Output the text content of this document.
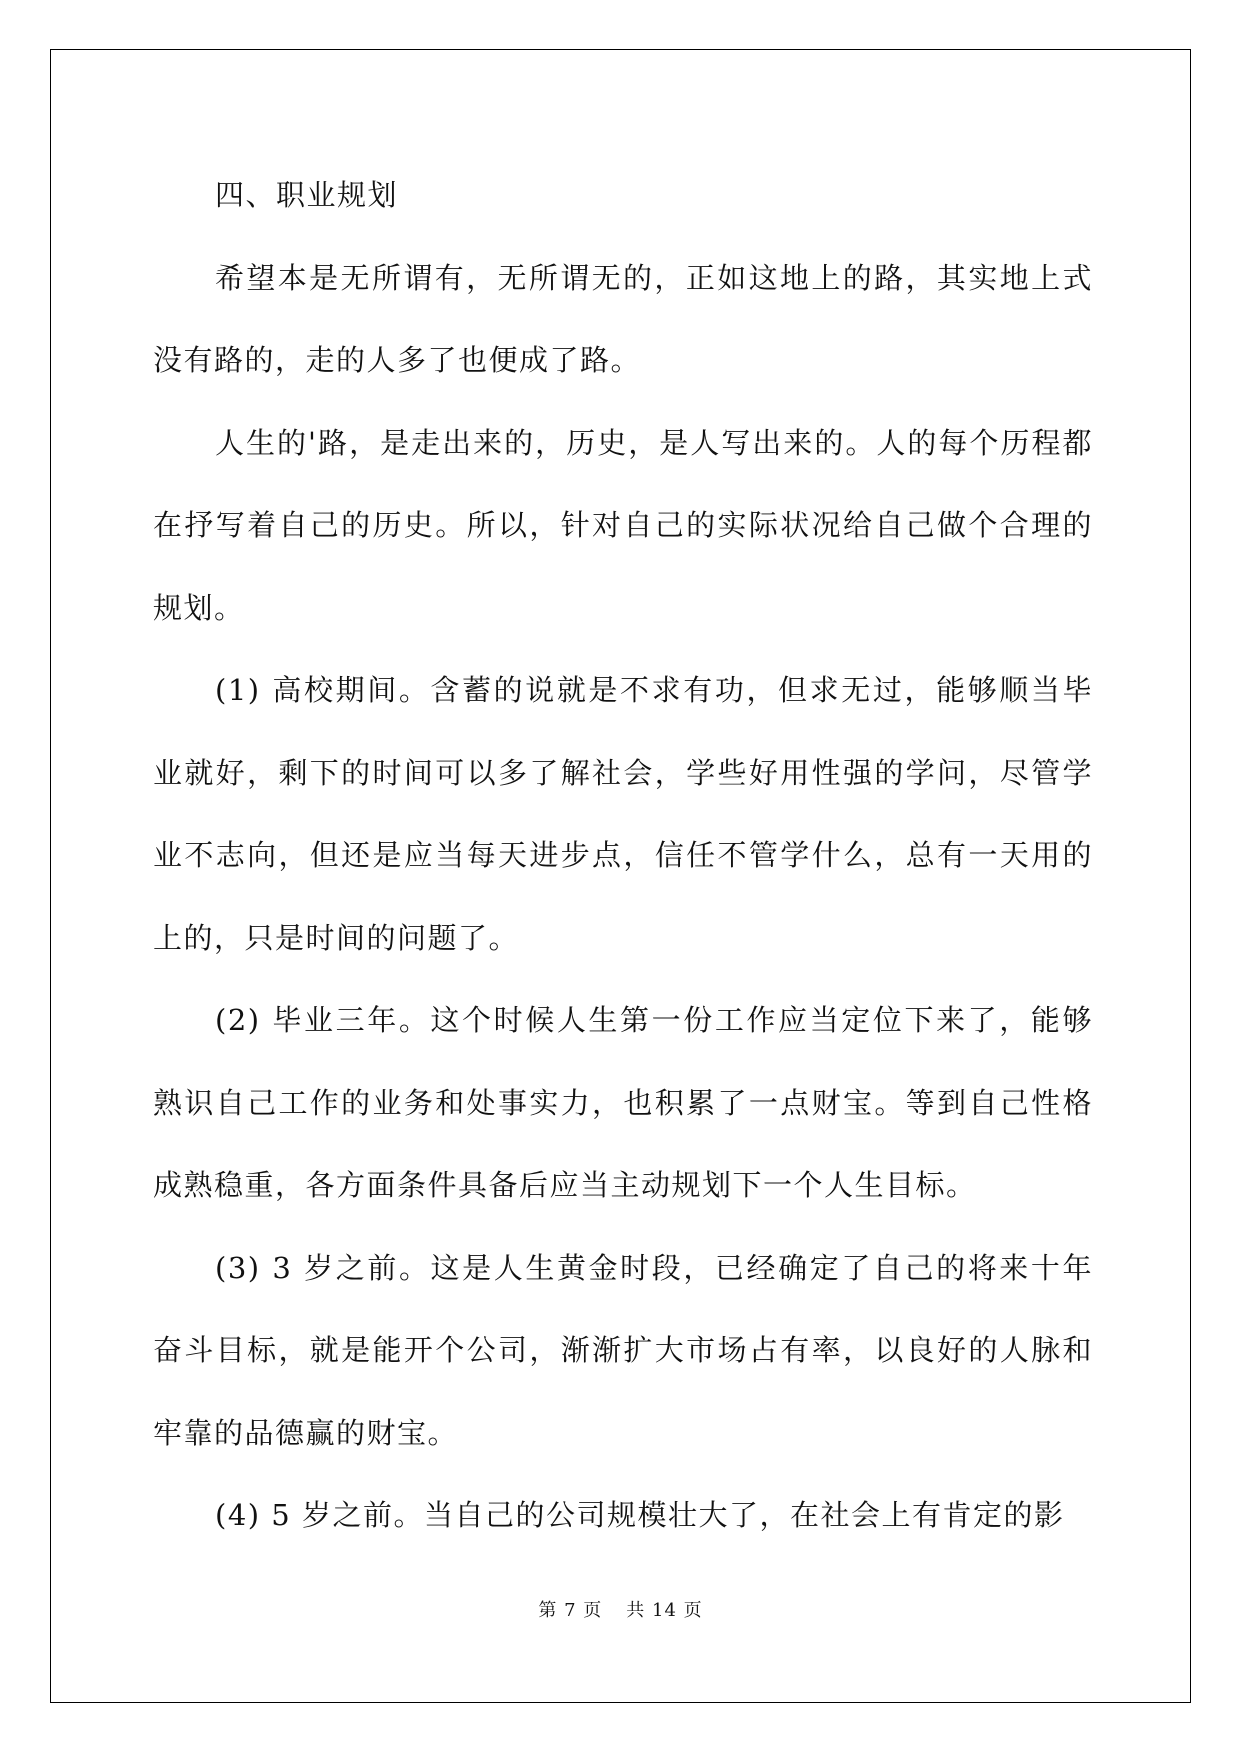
四、职业规划

希望本是无所谓有，无所谓无的，正如这地上的路，其实地上式没有路的，走的人多了也便成了路。

人生的'路，是走出来的，历史，是人写出来的。人的每个历程都在抒写着自己的历史。所以，针对自己的实际状况给自己做个合理的规划。

(1) 高校期间。含蓄的说就是不求有功，但求无过，能够顺当毕业就好，剩下的时间可以多了解社会，学些好用性强的学问，尽管学业不志向，但还是应当每天进步点，信任不管学什么，总有一天用的上的，只是时间的问题了。

(2) 毕业三年。这个时候人生第一份工作应当定位下来了，能够熟识自己工作的业务和处事实力，也积累了一点财宝。等到自己性格成熟稳重，各方面条件具备后应当主动规划下一个人生目标。

(3) 3 岁之前。这是人生黄金时段，已经确定了自己的将来十年奋斗目标，就是能开个公司，渐渐扩大市场占有率，以良好的人脉和牢靠的品德赢的财宝。

(4) 5 岁之前。当自己的公司规模壮大了，在社会上有肯定的影

第 7 页 共 14 页
